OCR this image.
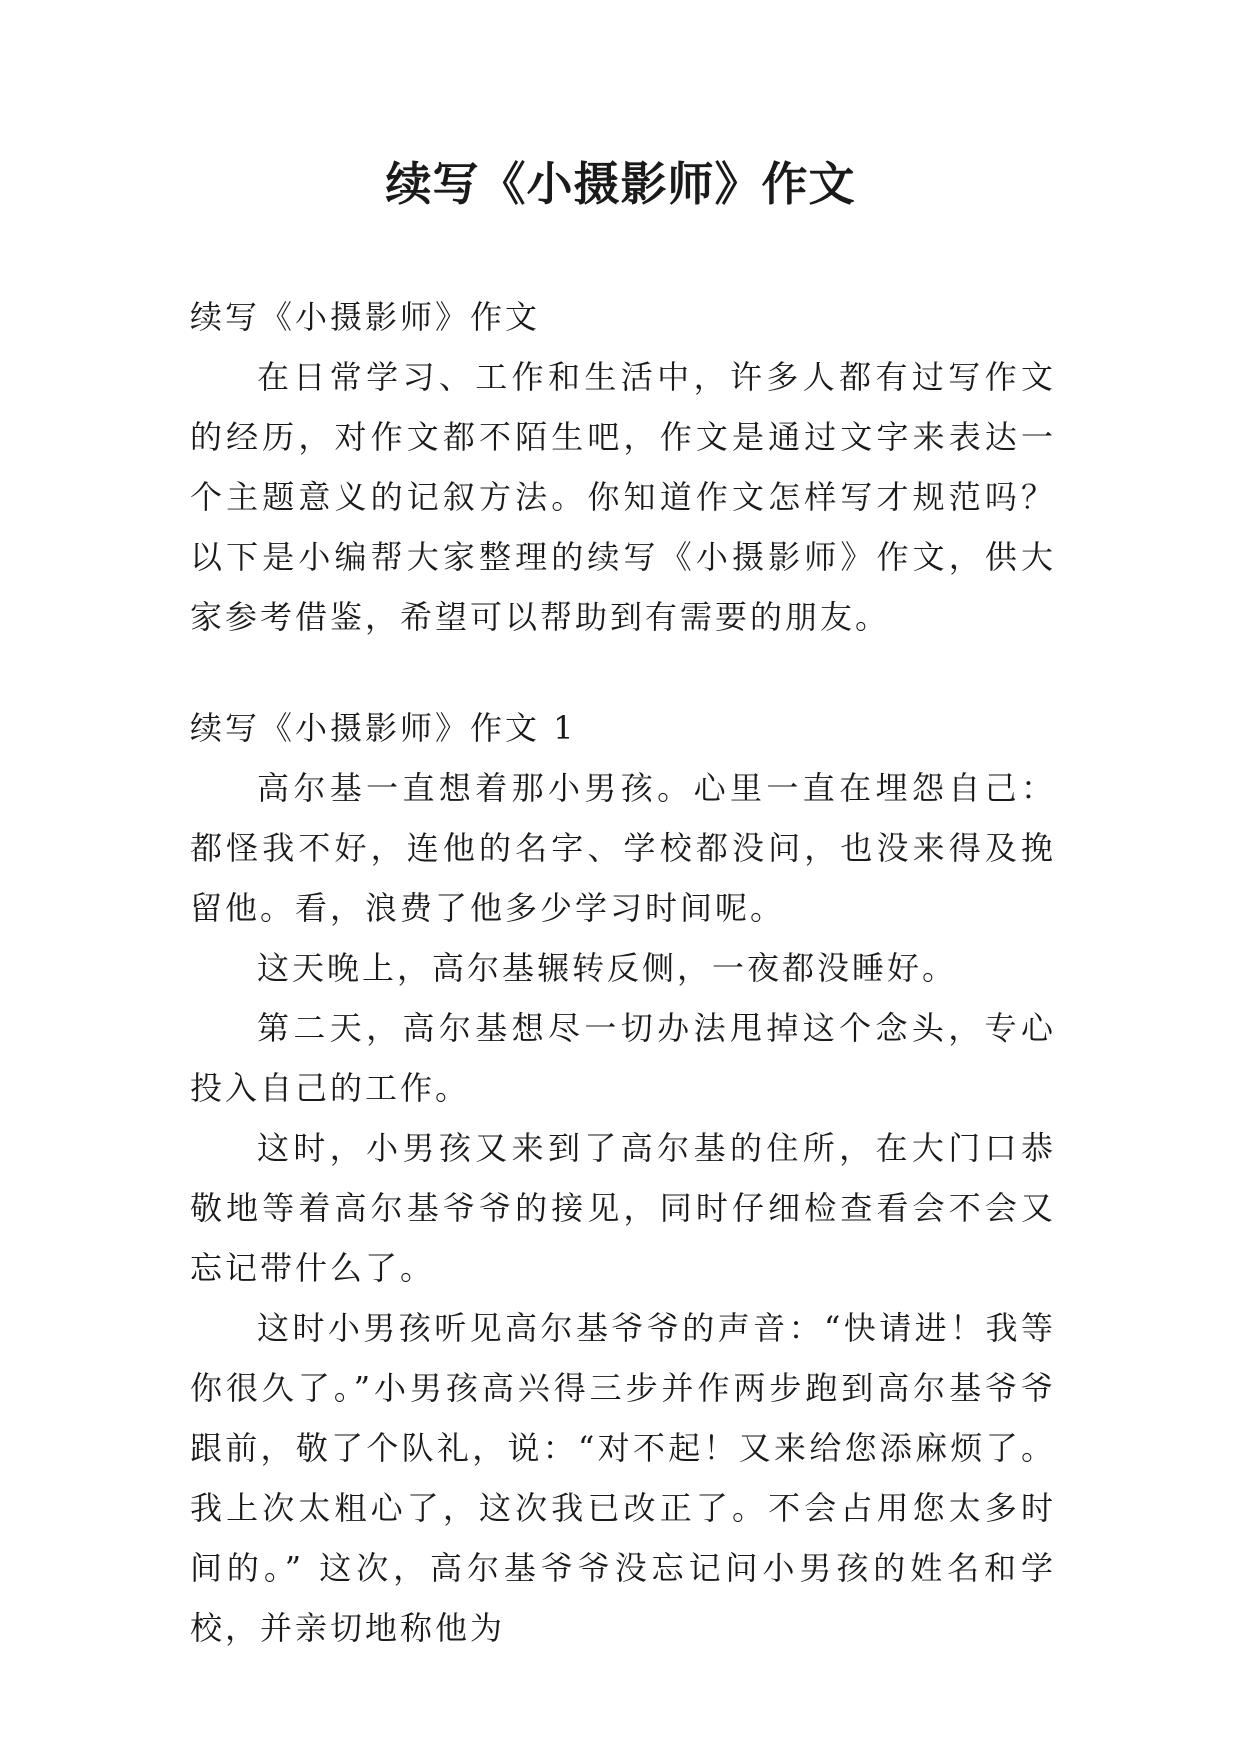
续写《小摄影师》作文
续写《小摄影师》作文

在日常学习、工作和生活中，许多人都有过写作文的经历，对作文都不陌生吧，作文是通过文字来表达一个主题意义的记叙方法。你知道作文怎样写才规范吗？以下是小编帮大家整理的续写《小摄影师》作文，供大家参考借鉴，希望可以帮助到有需要的朋友。

续写《小摄影师》作文 1

高尔基一直想着那小男孩。心里一直在埋怨自己：都怪我不好，连他的名字、学校都没问，也没来得及挽留他。看，浪费了他多少学习时间呢。

这天晚上，高尔基辗转反侧，一夜都没睡好。

第二天，高尔基想尽一切办法甩掉这个念头，专心投入自己的工作。

这时，小男孩又来到了高尔基的住所，在大门口恭敬地等着高尔基爷爷的接见，同时仔细检查看会不会又忘记带什么了。

这时小男孩听见高尔基爷爷的声音：“快请进！我等你很久了。”小男孩高兴得三步并作两步跑到高尔基爷爷跟前，敬了个队礼，说：“对不起！又来给您添麻烦了。我上次太粗心了，这次我已改正了。不会占用您太多时间的。” 这次，高尔基爷爷没忘记问小男孩的姓名和学校，并亲切地称他为
